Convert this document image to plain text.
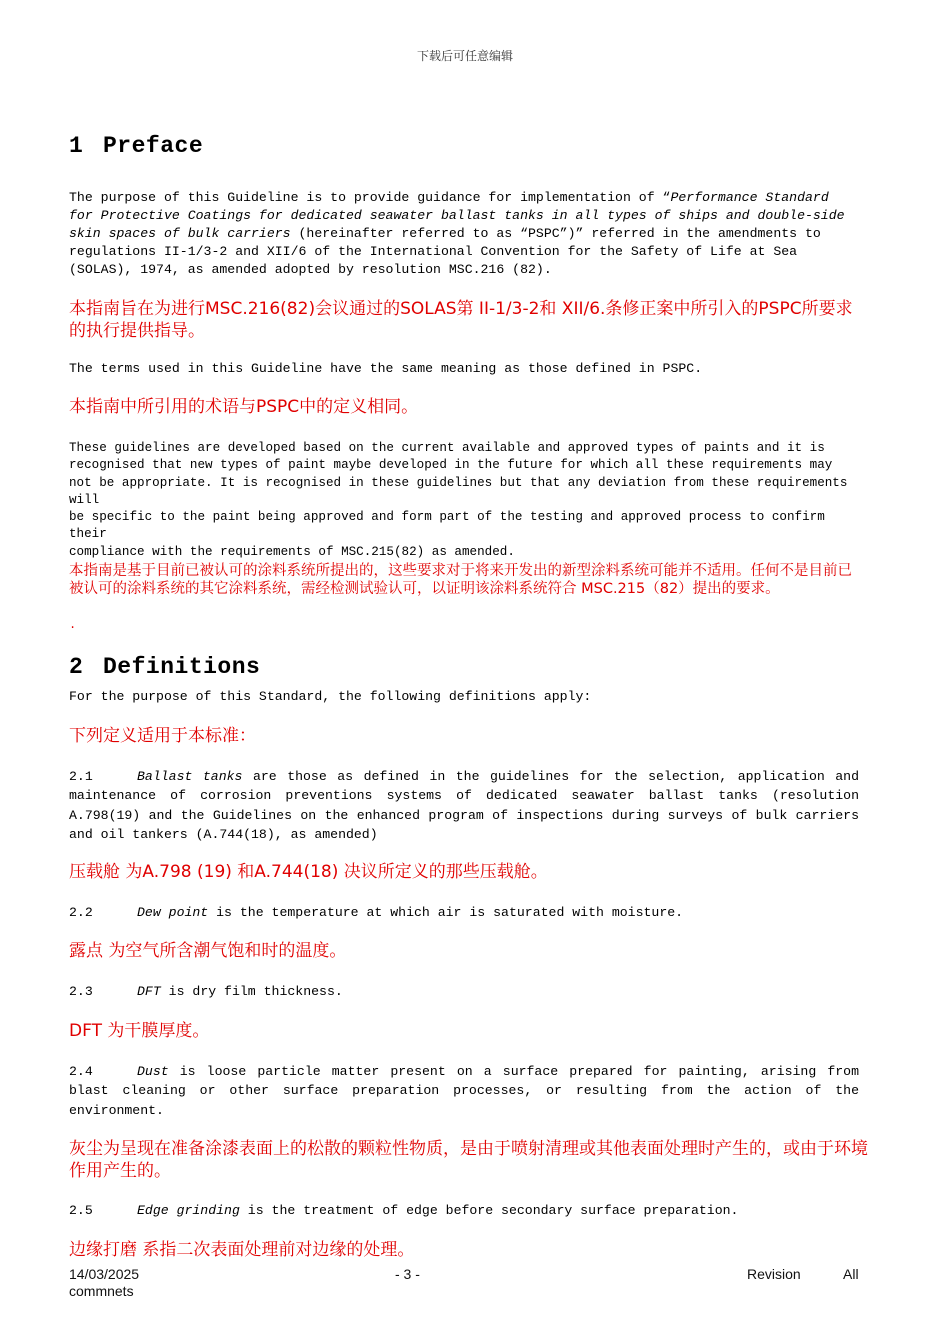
下载后可任意编辑
1 Preface
The purpose of this Guideline is to provide guidance for implementation of “Performance Standard
for Protective Coatings for dedicated seawater ballast tanks in all types of ships and double-side
skin spaces of bulk carriers (hereinafter referred to as “PSPC”)” referred in the amendments to
regulations II-1/3-2 and XII/6 of the International Convention for the Safety of Life at Sea
(SOLAS), 1974, as amended adopted by resolution MSC.216 (82).
本指南旨在为进行MSC.216(82)会议通过的SOLAS第 II-1/3-2和 XII/6.条修正案中所引入的PSPC所要求的执行提供指导。
The terms used in this Guideline have the same meaning as those defined in PSPC.
本指南中所引用的术语与PSPC中的定义相同。
These guidelines are developed based on the current available and approved types of paints and it is
recognised that new types of paint maybe developed in the future for which all these requirements may
not be appropriate. It is recognised in these guidelines but that any deviation from these requirements
will
be specific to the paint being approved and form part of the testing and approved process to confirm
their
compliance with the requirements of MSC.215(82) as amended.
本指南是基于目前已被认可的涂料系统所提出的，这些要求对于将来开发出的新型涂料系统可能并不适用。任何不是目前已被认可的涂料系统的其它涂料系统，需经检测试验认可，以证明该涂料系统符合 MSC.215（82）提出的要求。
.
2 Definitions
For the purpose of this Standard, the following definitions apply:
下列定义适用于本标准：
2.1	Ballast tanks are those as defined in the guidelines for the selection, application and maintenance of corrosion preventions systems of dedicated seawater ballast tanks (resolution A.798(19) and the Guidelines on the enhanced program of inspections during surveys of bulk carriers and oil tankers (A.744(18), as amended)
压载舱 为A.798 (19) 和A.744(18) 决议所定义的那些压载舱。
2.2	Dew point is the temperature at which air is saturated with moisture.
露点 为空气所含潮气饱和时的温度。
2.3	DFT is dry film thickness.
DFT 为干膜厚度。
2.4	Dust is loose particle matter present on a surface prepared for painting, arising from blast cleaning or other surface preparation processes, or resulting from the action of the environment.
灰尘为呈现在准备涂漆表面上的松散的颗粒性物质，是由于喷射清理或其他表面处理时产生的，或由于环境作用产生的。
2.5	Edge grinding is the treatment of edge before secondary surface preparation.
边缘打磨 系指二次表面处理前对边缘的处理。
14/03/2025	- 3 -	Revision	All
commnets
